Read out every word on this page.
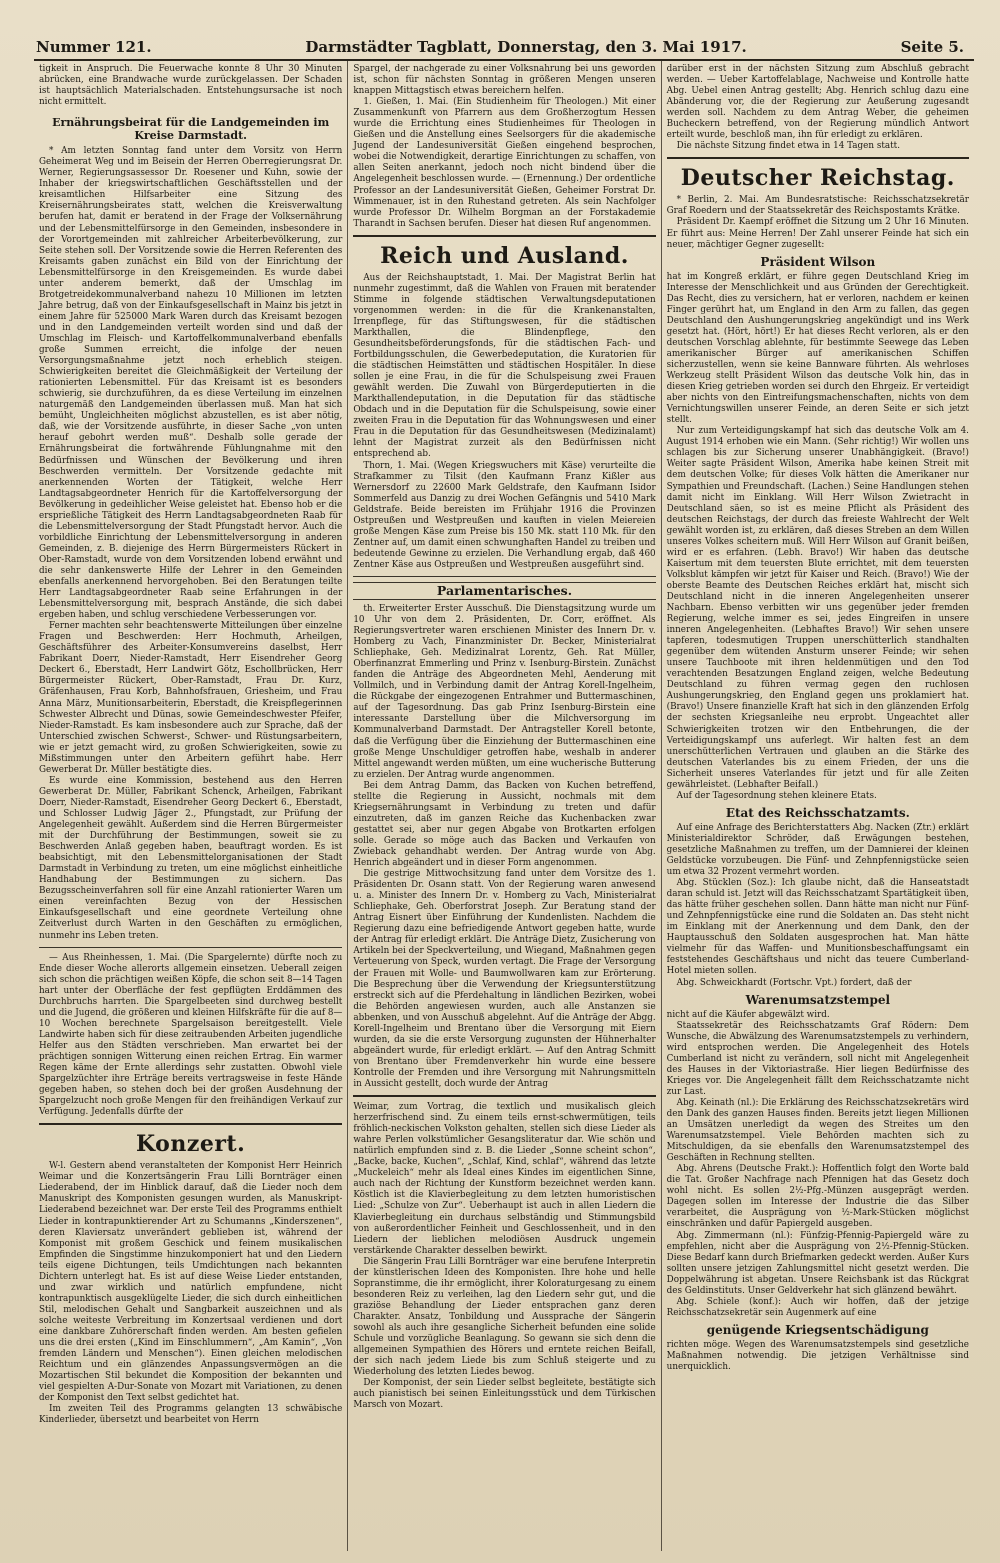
Nummer 121.	Darmstädter Tagblatt, Donnerstag, den 3. Mai 1917.	Seite 5.

tigkeit in Anspruch. Die Feuerwache konnte 8 Uhr 30 Minuten abrücken, eine Brandwache wurde zurückgelassen. Der Schaden ist hauptsächlich Materialschaden. Entstehungsursache ist noch nicht ermittelt.

Ernährungsbeirat für die Landgemeinden im Kreise Darmstadt.

* Am letzten Sonntag fand unter dem Vorsitz von Herrn Geheimerat Weg und im Beisein der Herren Oberregierungsrat Dr. Werner, Regierungsassessor Dr. Roesener und Kuhn, sowie der Inhaber der kriegswirtschaftlichen Geschäftsstellen und der kreisamtlichen Hilfsarbeiter eine Sitzung des Kreisernährungsbeirates statt, welchen die Kreisverwaltung berufen hat, damit er beratend in der Frage der Volksernährung und der Lebensmittelfürsorge in den Gemeinden, insbesondere in der Vorortgemeinden mit zahlreicher Arbeiterbevölkerung, zur Seite stehen soll. Der Vorsitzende sowie die Herren Referenten des Kreisamts gaben zunächst ein Bild von der Einrichtung der Lebensmittelfürsorge in den Kreisgemeinden. Es wurde dabei unter anderem bemerkt, daß der Umschlag im Brotgetreidekommunalverband nahezu 10 Millionen im letzten Jahre betrug, daß von der Einkaufsgesellschaft in Mainz bis jetzt in einem Jahre für 525000 Mark Waren durch das Kreisamt bezogen und in den Landgemeinden verteilt worden sind und daß der Umschlag im Fleisch- und Kartoffelkommunalverband ebenfalls große Summen erreicht, die infolge der neuen Versorgungsmaßnahme jetzt noch erheblich steigen. Schwierigkeiten bereitet die Gleichmäßigkeit der Verteilung der rationierten Lebensmittel. Für das Kreisamt ist es besonders schwierig, sie durchzuführen, da es diese Verteilung im einzelnen naturgemäß den Landgemeinden überlassen muß. Man hat sich bemüht, Ungleichheiten möglichst abzustellen, es ist aber nötig, daß, wie der Vorsitzende ausführte, in dieser Sache „von unten herauf gebohrt werden muß“. Deshalb solle gerade der Ernährungsbeirat die fortwährende Fühlungnahme mit den Bedürfnissen und Wünschen der Bevölkerung und ihren Beschwerden vermitteln. Der Vorsitzende gedachte mit anerkennenden Worten der Tätigkeit, welche Herr Landtagsabgeordneter Henrich für die Kartoffelversorgung der Bevölkerung in gedeihlicher Weise geleistet hat. Ebenso hob er die ersprießliche Tätigkeit des Herrn Landtagsabgeordneten Raab für die Lebensmittelversorgung der Stadt Pfungstadt hervor. Auch die vorbildliche Einrichtung der Lebensmittelversorgung in anderen Gemeinden, z. B. diejenige des Herrn Bürgermeisters Rückert in Ober-Ramstadt, wurde von dem Vorsitzenden lobend erwähnt und die sehr dankenswerte Hilfe der Lehrer in den Gemeinden ebenfalls anerkennend hervorgehoben. Bei den Beratungen teilte Herr Landtagsabgeordneter Raab seine Erfahrungen in der Lebensmittelversorgung mit, besprach Anstände, die sich dabei ergeben haben, und schlug verschiedene Verbesserungen vor.

Ferner machten sehr beachtenswerte Mitteilungen über einzelne Fragen und Beschwerden: Herr Hochmuth, Arheilgen, Geschäftsführer des Arbeiter-Konsumvereins daselbst, Herr Fabrikant Doerr, Nieder-Ramstadt, Herr Eisendreher Georg Deckert 6., Eberstadt, Herr Landwirt Götz, Eschollbrücken, Herr Bürgermeister Rückert, Ober-Ramstadt, Frau Dr. Kurz, Gräfenhausen, Frau Korb, Bahnhofsfrauen, Griesheim, und Frau Anna März, Munitionsarbeiterin, Eberstadt, die Kreispflegerinnen Schwester Albrecht und Dünas, sowie Gemeindeschwester Pfeifer, Nieder-Ramstadt. Es kam insbesondere auch zur Sprache, daß der Unterschied zwischen Schwerst-, Schwer- und Rüstungsarbeitern, wie er jetzt gemacht wird, zu großen Schwierigkeiten, sowie zu Mißstimmungen unter den Arbeitern geführt habe. Herr Gewerberat Dr. Müller bestätigte dies.

Es wurde eine Kommission, bestehend aus den Herren Gewerberat Dr. Müller, Fabrikant Schenck, Arheilgen, Fabrikant Doerr, Nieder-Ramstadt, Eisendreher Georg Deckert 6., Eberstadt, und Schlosser Ludwig Jäger 2., Pfungstadt, zur Prüfung der Angelegenheit gewählt. Außerdem sind die Herren Bürgermeister mit der Durchführung der Bestimmungen, soweit sie zu Beschwerden Anlaß gegeben haben, beauftragt worden. Es ist beabsichtigt, mit den Lebensmittelorganisationen der Stadt Darmstadt in Verbindung zu treten, um eine möglichst einheitliche Handhabung der Bestimmungen zu sichern. Das Bezugsscheinverfahren soll für eine Anzahl rationierter Waren um einen vereinfachten Bezug von der Hessischen Einkaufsgesellschaft und eine geordnete Verteilung ohne Zeitverlust durch Warten in den Geschäften zu ermöglichen, nunmehr ins Leben treten.

— Aus Rheinhessen, 1. Mai. (Die Spargelernte) dürfte noch zu Ende dieser Woche allerorts allgemein einsetzen. Ueberall zeigen sich schon die prächtigen weißen Köpfe, die schon seit 8—14 Tagen hart unter der Oberfläche der fest gepflügten Erddämmen des Durchbruchs harrten. Die Spargelbeeten sind durchweg bestellt und die Jugend, die größeren und kleinen Hilfskräfte für die auf 8—10 Wochen berechnete Spargelsaison bereitgestellt. Viele Landwirte haben sich für diese zeitraubenden Arbeiten jugendliche Helfer aus den Städten verschrieben. Man erwartet bei der prächtigen sonnigen Witterung einen reichen Ertrag. Ein warmer Regen käme der Ernte allerdings sehr zustatten. Obwohl viele Spargelzüchter ihre Erträge bereits vertragsweise in feste Hände gegeben haben, so stehen doch bei der großen Ausdehnung der Spargelzucht noch große Mengen für den freihändigen Verkauf zur Verfügung. Jedenfalls dürfte der

Konzert.

W-l. Gestern abend veranstalteten der Komponist Herr Heinrich Weimar und die Konzertsängerin Frau Lilli Bornträger einen Liederabend, der im Hinblick darauf, daß die Lieder noch dem Manuskript des Komponisten gesungen wurden, als Manuskript-Liederabend bezeichnet war. Der erste Teil des Programms enthielt Lieder in kontrapunktierender Art zu Schumanns „Kinderszenen“, deren Klaviersatz unverändert geblieben ist, während der Komponist mit großem Geschick und feinem musikalischen Empfinden die Singstimme hinzukomponiert hat und den Liedern teils eigene Dichtungen, teils Umdichtungen nach bekannten Dichtern unterlegt hat. Es ist auf diese Weise Lieder entstanden, und zwar wirklich und natürlich empfundene, nicht kontrapunktisch ausgeklügelte Lieder, die sich durch einheitlichen Stil, melodischen Gehalt und Sangbarkeit auszeichnen und als solche weiteste Verbreitung im Konzertsaal verdienen und dort eine dankbare Zuhörerschaft finden werden. Am besten gefielen uns die drei ersten („Kind im Einschlummern“, „Am Kamin“, „Von fremden Ländern und Menschen“). Einen gleichen melodischen Reichtum und ein glänzendes Anpassungsvermögen an die Mozartischen Stil bekundet die Komposition der bekannten und viel gespielten A-Dur-Sonate von Mozart mit Variationen, zu denen der Komponist den Text selbst gedichtet hat.

Im zweiten Teil des Programms gelangten 13 schwäbische Kinderlieder, übersetzt und bearbeitet von Herrn

Spargel, der nachgerade zu einer Volksnahrung bei uns geworden ist, schon für nächsten Sonntag in größeren Mengen unseren knappen Mittagstisch etwas bereichern helfen.

1. Gießen, 1. Mai. (Ein Studienheim für Theologen.) Mit einer Zusammenkunft von Pfarrern aus dem Großherzogtum Hessen wurde die Errichtung eines Studienheimes für Theologen in Gießen und die Anstellung eines Seelsorgers für die akademische Jugend der Landesuniversität Gießen eingehend besprochen, wobei die Notwendigkeit, derartige Einrichtungen zu schaffen, von allen Seiten anerkannt, jedoch noch nicht bindend über die Angelegenheit beschlossen wurde. — (Ernennung.) Der ordentliche Professor an der Landesuniversität Gießen, Geheimer Forstrat Dr. Wimmenauer, ist in den Ruhestand getreten. Als sein Nachfolger wurde Professor Dr. Wilhelm Borgman an der Forstakademie Tharandt in Sachsen berufen. Dieser hat diesen Ruf angenommen.

Reich und Ausland.

Aus der Reichshauptstadt, 1. Mai. Der Magistrat Berlin hat nunmehr zugestimmt, daß die Wahlen von Frauen mit beratender Stimme in folgende städtischen Verwaltungsdeputationen vorgenommen werden: in die für die Krankenanstalten, Irrenpflege, für das Stiftungswesen, für die städtischen Markthallen, die Blindenpflege, den Gesundheitsbeförderungsfonds, für die städtischen Fach- und Fortbildungsschulen, die Gewerbedeputation, die Kuratorien für die städtischen Heimstätten und städtischen Hospitäler. In diese sollen je eine Frau, in die für die Schulspeisung zwei Frauen gewählt werden. Die Zuwahl von Bürgerdeputierten in die Markthallendeputation, in die Deputation für das städtische Obdach und in die Deputation für die Schulspeisung, sowie einer zweiten Frau in die Deputation für das Wohnungswesen und einer Frau in die Deputation für das Gesundheitswesen (Medizinalamt) lehnt der Magistrat zurzeit als den Bedürfnissen nicht entsprechend ab.

Thorn, 1. Mai. (Wegen Kriegswuchers mit Käse) verurteilte die Strafkammer zu Tilsit (den Kaufmann Franz Kißler aus Wernersdorf zu 22600 Mark Geldstrafe, den Kaufmann Isidor Sommerfeld aus Danzig zu drei Wochen Gefängnis und 5410 Mark Geldstrafe. Beide bereisten im Frühjahr 1916 die Provinzen Ostpreußen und Westpreußen und kauften in vielen Meiereien große Mengen Käse zum Preise bis 150 Mk. statt 110 Mk. für den Zentner auf, um damit einen schwunghaften Handel zu treiben und bedeutende Gewinne zu erzielen. Die Verhandlung ergab, daß 460 Zentner Käse aus Ostpreußen und Westpreußen ausgeführt sind.

Parlamentarisches.

th. Erweiterter Erster Ausschuß. Die Dienstagsitzung wurde um 10 Uhr von dem 2. Präsidenten, Dr. Corr, eröffnet. Als Regierungsvertreter waren erschienen Minister des Innern Dr. v. Homberg zu Vach, Finanzminister Dr. Becker, Ministerialrat Schliephake, Geh. Medizinalrat Lorentz, Geh. Rat Müller, Oberfinanzrat Emmerling und Prinz v. Isenburg-Birstein. Zunächst fanden die Anträge des Abgeordneten Mehl, Aenderung mit Vollmilch, und in Verbindung damit der Antrag Korell-Ingelheim, die Rückgabe der eingezogenen Entrahmer und Buttermaschinen, auf der Tagesordnung. Das gab Prinz Isenburg-Birstein eine interessante Darstellung über die Milchversorgung im Kommunalverband Darmstadt. Der Antragsteller Korell betonte, daß die Verfügung über die Einziehung der Buttermaschinen eine große Menge Unschuldiger getroffen habe, weshalb in anderer Mittel angewandt werden müßten, um eine wucherische Butterung zu erzielen. Der Antrag wurde angenommen.

Bei dem Antrag Damm, das Backen von Kuchen betreffend, stellte die Regierung in Aussicht, nochmals mit dem Kriegsernährungsamt in Verbindung zu treten und dafür einzutreten, daß im ganzen Reiche das Kuchenbacken zwar gestattet sei, aber nur gegen Abgabe von Brotkarten erfolgen solle. Gerade so möge auch das Backen und Verkaufen von Zwieback gehandhabt werden. Der Antrag wurde von Abg. Henrich abgeändert und in dieser Form angenommen.

Die gestrige Mittwochsitzung fand unter dem Vorsitze des 1. Präsidenten Dr. Osann statt. Von der Regierung waren anwesend u. a. Minister des Innern Dr. v. Homberg zu Vach, Ministerialrat Schliephake, Geh. Oberforstrat Joseph. Zur Beratung stand der Antrag Eisnert über Einführung der Kundenlisten. Nachdem die Regierung dazu eine befriedigende Antwort gegeben hatte, wurde der Antrag für erledigt erklärt. Die Anträge Dietz, Zusicherung von Artikeln bei der Speckverteilung, und Wiegand, Maßnahmen gegen Verteuerung von Speck, wurden vertagt. Die Frage der Versorgung der Frauen mit Wolle- und Baumwollwaren kam zur Erörterung. Die Besprechung über die Verwendung der Kriegsunterstützung erstreckt sich auf die Pferdehaltung in ländlichen Bezirken, wobei die Behörden angewiesen wurden, auch alle Anstanzen sie abbenken, und von Ausschuß abgelehnt. Auf die Anträge der Abgg. Korell-Ingelheim und Brentano über die Versorgung mit Eiern wurden, da sie die erste Versorgung zugunsten der Hühnerhalter abgeändert wurde, für erledigt erklärt. — Auf den Antrag Schmitt von Brentano über Fremdenverkehr hin wurde eine bessere Kontrolle der Fremden und ihre Versorgung mit Nahrungsmitteln in Aussicht gestellt, doch wurde der Antrag

Weimar, zum Vortrag, die textlich und musikalisch gleich herzerfrischend sind. Zu einem teils ernst-schwermütigen, teils fröhlich-neckischen Volkston gehalten, stellen sich diese Lieder als wahre Perlen volkstümlicher Gesangsliteratur dar. Wie schön und natürlich empfunden sind z. B. die Lieder „Sonne scheint schon“, „Backe, backe, Kuchen“, „Schlaf, Kind, schlaf“, während das letzte „Muckeleich“ mehr als Ideal eines Kindes im eigentlichen Sinne, auch nach der Richtung der Kunstform bezeichnet werden kann. Köstlich ist die Klavierbegleitung zu dem letzten humoristischen Lied: „Schulze von Zur“. Ueberhaupt ist auch in allen Liedern die Klavierbegleitung ein durchaus selbständig und Stimmungsbild von außerordentlicher Feinheit und Geschlossenheit, und in den Liedern der lieblichen melodiösen Ausdruck ungemein verstärkende Charakter desselben bewirkt.

Die Sängerin Frau Lilli Bornträger war eine berufene Interpretin der künstlerischen Ideen des Komponisten. Ihre hohe und helle Sopranstimme, die ihr ermöglicht, ihrer Koloraturgesang zu einem besonderen Reiz zu verleihen, lag den Liedern sehr gut, und die graziöse Behandlung der Lieder entsprachen ganz deren Charakter. Ansatz, Tonbildung und Aussprache der Sängerin sowohl als auch ihre gesangliche Sicherheit befunden eine solide Schule und vorzügliche Beanlagung. So gewann sie sich denn die allgemeinen Sympathien des Hörers und erntete reichen Beifall, der sich nach jedem Liede bis zum Schluß steigerte und zu Wiederholung des letzten Liedes bewog.

Der Komponist, der sein Lieder selbst begleitete, bestätigte sich auch pianistisch bei seinen Einleitungsstück und dem Türkischen Marsch von Mozart.

darüber erst in der nächsten Sitzung zum Abschluß gebracht werden. — Ueber Kartoffelablage, Nachweise und Kontrolle hatte Abg. Uebel einen Antrag gestellt; Abg. Henrich schlug dazu eine Abänderung vor, die der Regierung zur Aeußerung zugesandt werden soll. Nachdem zu dem Antrag Weber, die geheimen Bucheckern betreffend, von der Regierung mündlich Antwort erteilt wurde, beschloß man, ihn für erledigt zu erklären.

Die nächste Sitzung findet etwa in 14 Tagen statt.

Deutscher Reichstag.

* Berlin, 2. Mai. Am Bundesratstische: Reichsschatzsekretär Graf Roedern und der Staatssekretär des Reichspostamts Krätke.

Präsident Dr. Kaempf eröffnet die Sitzung um 2 Uhr 16 Minuten. Er führt aus: Meine Herren! Der Zahl unserer Feinde hat sich ein neuer, mächtiger Gegner zugesellt:

Präsident Wilson

hat im Kongreß erklärt, er führe gegen Deutschland Krieg im Interesse der Menschlichkeit und aus Gründen der Gerechtigkeit. Das Recht, dies zu versichern, hat er verloren, nachdem er keinen Finger gerührt hat, um England in den Arm zu fallen, das gegen Deutschland den Aushungerungskrieg angekündigt und ins Werk gesetzt hat. (Hört, hört!) Er hat dieses Recht verloren, als er den deutschen Vorschlag ablehnte, für bestimmte Seewege das Leben amerikanischer Bürger auf amerikanischen Schiffen sicherzustellen, wenn sie keine Bannware führten. Als wehrloses Werkzeug stellt Präsident Wilson das deutsche Volk hin, das in diesen Krieg getrieben worden sei durch den Ehrgeiz. Er verteidigt aber nichts von den Eintreifungsmachenschaften, nichts von dem Vernichtungswillen unserer Feinde, an deren Seite er sich jetzt stellt.

Nur zum Verteidigungskampf hat sich das deutsche Volk am 4. August 1914 erhoben wie ein Mann. (Sehr richtig!) Wir wollen uns schlagen bis zur Sicherung unserer Unabhängigkeit. (Bravo!) Weiter sagte Präsident Wilson, Amerika habe keinen Streit mit dem deutschen Volke; für dieses Volk hätten die Amerikaner nur Sympathien und Freundschaft. (Lachen.) Seine Handlungen stehen damit nicht im Einklang. Will Herr Wilson Zwietracht in Deutschland säen, so ist es meine Pflicht als Präsident des deutschen Reichstags, der durch das freieste Wahlrecht der Welt gewählt worden ist, zu erklären, daß dieses Streben an dem Willen unseres Volkes scheitern muß. Will Herr Wilson auf Granit beißen, wird er es erfahren. (Lebh. Bravo!) Wir haben das deutsche Kaisertum mit dem teuersten Blute errichtet, mit dem teuersten Volksblut kämpfen wir jetzt für Kaiser und Reich. (Bravo!) Wie der oberste Beamte des Deutschen Reiches erklärt hat, mischt sich Deutschland nicht in die inneren Angelegenheiten unserer Nachbarn. Ebenso verbitten wir uns gegenüber jeder fremden Regierung, welche immer es sei, jedes Eingreifen in unsere inneren Angelegenheiten. (Lebhaftes Bravo!) Wir sehen unsere tapferen, todesmutigen Truppen unerschütterlich standhalten gegenüber dem wütenden Ansturm unserer Feinde; wir sehen unsere Tauchboote mit ihren heldenmütigen und den Tod verachtenden Besatzungen England zeigen, welche Bedeutung Deutschland zu führen vermag gegen den ruchlosen Aushungerungskrieg, den England gegen uns proklamiert hat. (Bravo!) Unsere finanzielle Kraft hat sich in den glänzenden Erfolg der sechsten Kriegsanleihe neu erprobt. Ungeachtet aller Schwierigkeiten trotzen wir den Entbehrungen, die der Verteidigungskampf uns auferlegt. Wir halten fest an dem unerschütterlichen Vertrauen und glauben an die Stärke des deutschen Vaterlandes bis zu einem Frieden, der uns die Sicherheit unseres Vaterlandes für jetzt und für alle Zeiten gewährleistet. (Lebhafter Beifall.)

Auf der Tagesordnung stehen kleinere Etats.

Etat des Reichsschatzamts.

Auf eine Anfrage des Berichterstatters Abg. Nacken (Ztr.) erklärt Ministerialdirektor Schröder, daß Erwägungen bestehen, gesetzliche Maßnahmen zu treffen, um der Damnierei der kleinen Geldstücke vorzubeugen. Die Fünf- und Zehnpfennigstücke seien um etwa 32 Prozent vermehrt worden.

Abg. Stücklen (Soz.): Ich glaube nicht, daß die Hanseatstadt daran schuld ist. Jetzt will das Reichsschatzamt Spartätigkeit üben, das hätte früher geschehen sollen. Dann hätte man nicht nur Fünf- und Zehnpfennigstücke eine rund die Soldaten an. Das steht nicht im Einklang mit der Anerkennung und dem Dank, den der Hauptausschuß den Soldaten ausgesprochen hat. Man hätte vielmehr für das Waffen- und Munitionsbeschaffungsamt ein feststehendes Geschäftshaus und nicht das teuere Cumberland-Hotel mieten sollen.

Abg. Schweickhardt (Fortschr. Vpt.) fordert, daß der

Warenumsatzstempel

nicht auf die Käufer abgewälzt wird.

Staatssekretär des Reichsschatzamts Graf Rödern: Dem Wunsche, die Abwälzung des Warenumsatzstempels zu verhindern, wird entsprochen werden. Die Angelegenheit des Hotels Cumberland ist nicht zu verändern, soll nicht mit Angelegenheit des Hauses in der Viktoriastraße. Hier liegen Bedürfnisse des Krieges vor. Die Angelegenheit fällt dem Reichsschatzamte nicht zur Last.

Abg. Keinath (nl.): Die Erklärung des Reichsschatzsekretärs wird den Dank des ganzen Hauses finden. Bereits jetzt liegen Millionen an Umsätzen unerledigt da wegen des Streites um den Warenumsatzstempel. Viele Behörden machten sich zu Mitschuldigen, da sie ebenfalls den Warenumsatzstempel des Geschäften in Rechnung stellten.

Abg. Ahrens (Deutsche Frakt.): Hoffentlich folgt den Worte bald die Tat. Großer Nachfrage nach Pfennigen hat das Gesetz doch wohl nicht. Es sollen 2½-Pfg.-Münzen ausgeprägt werden. Dagegen sollen im Interesse der Industrie die das Silber verarbeitet, die Ausprägung von ½-Mark-Stücken möglichst einschränken und dafür Papiergeld ausgeben.

Abg. Zimmermann (nl.): Fünfzig-Pfennig-Papiergeld wäre zu empfehlen, nicht aber die Ausprägung von 2½-Pfennig-Stücken. Diese Bedarf kann durch Briefmarken gedeckt werden. Außer Kurs sollten unsere jetzigen Zahlungsmittel nicht gesetzt werden. Die Doppelwährung ist abgetan. Unsere Reichsbank ist das Rückgrat des Geldinstituts. Unser Geldverkehr hat sich glänzend bewährt.

Abg. Schiele (konf.): Auch wir hoffen, daß der jetzige Reichsschatzsekretär sein Augenmerk auf eine

genügende Kriegsentschädigung

richten möge. Wegen des Warenumsatzstempels sind gesetzliche Maßnahmen notwendig. Die jetzigen Verhältnisse sind unerquicklich.
